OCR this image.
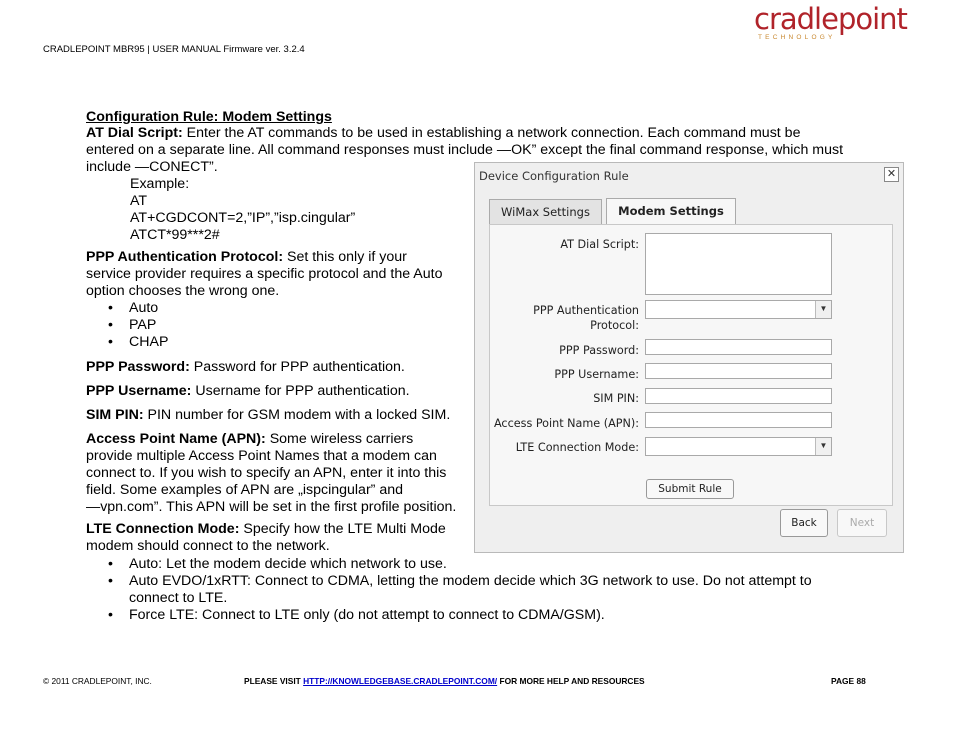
CRADLEPOINT MBR95 | USER MANUAL Firmware ver. 3.2.4
cradlepoint
TECHNOLOGY
Configuration Rule: Modem Settings
AT Dial Script: Enter the AT commands to be used in establishing a network connection. Each command must be
entered on a separate line. All command responses must include —OK” except the final command response, which must
include —CONECT”.
Example:
AT
AT+CGDCONT=2,”IP”,”isp.cingular”
ATCT*99***2#
PPP Authentication Protocol: Set this only if your
service provider requires a specific protocol and the Auto
option chooses the wrong one.
• Auto
• PAP
• CHAP
PPP Password: Password for PPP authentication.
PPP Username: Username for PPP authentication.
SIM PIN: PIN number for GSM modem with a locked SIM.
Access Point Name (APN): Some wireless carriers
provide multiple Access Point Names that a modem can
connect to. If you wish to specify an APN, enter it into this
field. Some examples of APN are „ispcingular” and
—vpn.com”. This APN will be set in the first profile position.
LTE Connection Mode: Specify how the LTE Multi Mode
modem should connect to the network.
• Auto: Let the modem decide which network to use.
• Auto EVDO/1xRTT: Connect to CDMA, letting the modem decide which 3G network to use. Do not attempt to
connect to LTE.
• Force LTE: Connect to LTE only (do not attempt to connect to CDMA/GSM).
Device Configuration Rule	✕
WiMax Settings	Modem Settings
AT Dial Script:
PPP Authentication
Protocol:
▼
PPP Password:
PPP Username:
SIM PIN:
Access Point Name (APN):
LTE Connection Mode:	▼
Submit Rule
Back	Next
© 2011 CRADLEPOINT, INC.	PLEASE VISIT HTTP://KNOWLEDGEBASE.CRADLEPOINT.COM/ FOR MORE HELP AND RESOURCES	PAGE 88
